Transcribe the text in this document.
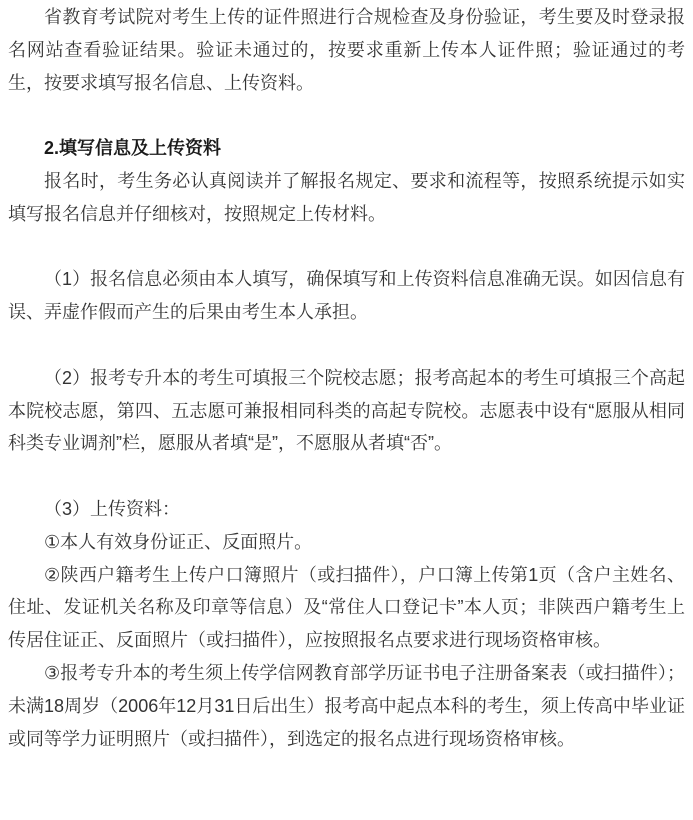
省教育考试院对考生上传的证件照进行合规检查及身份验证，考生要及时登录报名网站查看验证结果。验证未通过的，按要求重新上传本人证件照；验证通过的考生，按要求填写报名信息、上传资料。

2.填写信息及上传资料

报名时，考生务必认真阅读并了解报名规定、要求和流程等，按照系统提示如实填写报名信息并仔细核对，按照规定上传材料。

（1）报名信息必须由本人填写，确保填写和上传资料信息准确无误。如因信息有误、弄虚作假而产生的后果由考生本人承担。

（2）报考专升本的考生可填报三个院校志愿；报考高起本的考生可填报三个高起本院校志愿，第四、五志愿可兼报相同科类的高起专院校。志愿表中设有“愿服从相同科类专业调剂”栏，愿服从者填“是”，不愿服从者填“否”。

（3）上传资料：

①本人有效身份证正、反面照片。

②陕西户籍考生上传户口簿照片（或扫描件），户口簿上传第1页（含户主姓名、住址、发证机关名称及印章等信息）及“常住人口登记卡”本人页；非陕西户籍考生上传居住证正、反面照片（或扫描件），应按照报名点要求进行现场资格审核。

③报考专升本的考生须上传学信网教育部学历证书电子注册备案表（或扫描件）；未满18周岁（2006年12月31日后出生）报考高中起点本科的考生，须上传高中毕业证或同等学力证明照片（或扫描件），到选定的报名点进行现场资格审核。
